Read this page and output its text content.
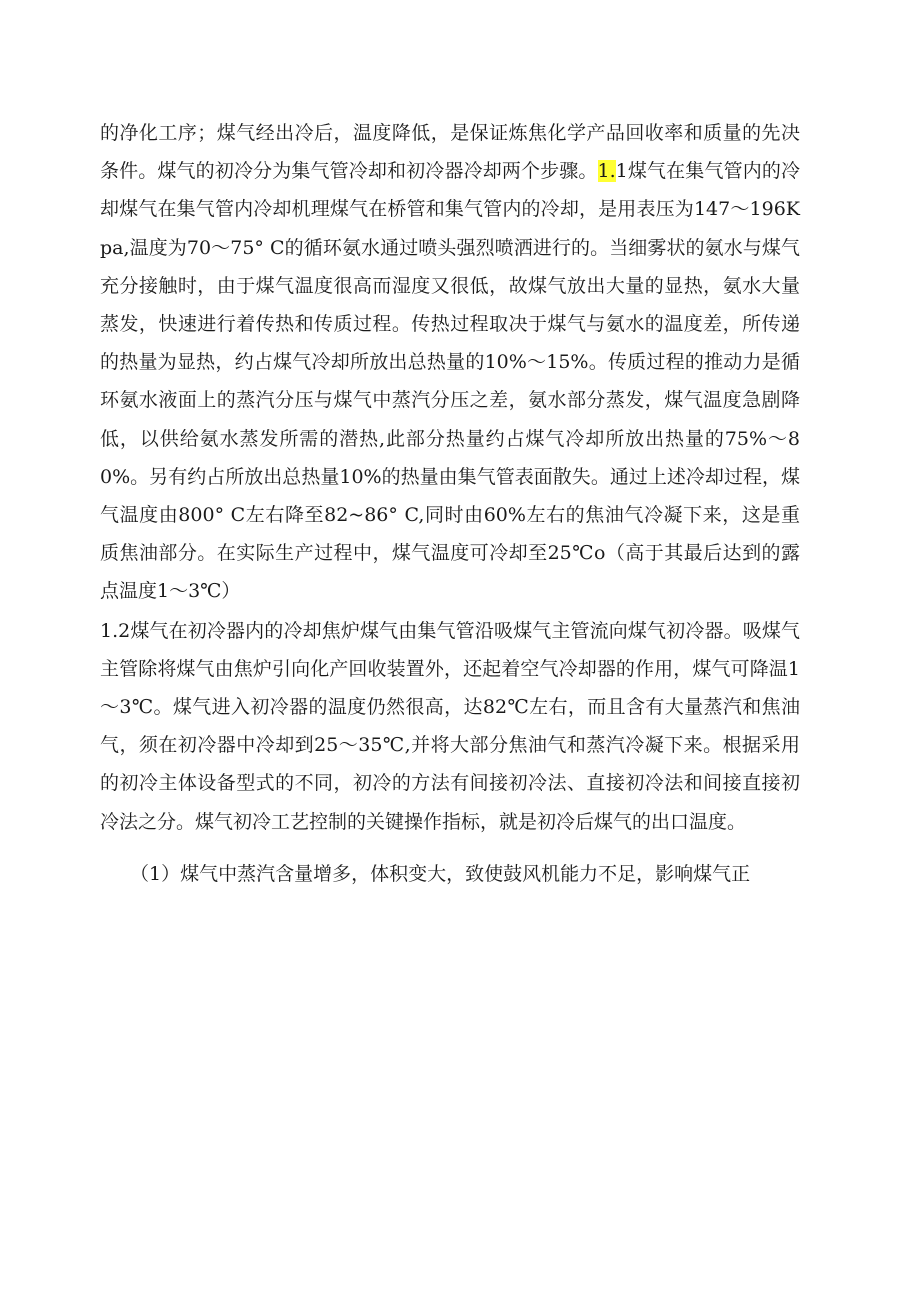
的净化工序；煤气经出冷后，温度降低，是保证炼焦化学产品回收率和质量的先决条件。煤气的初冷分为集气管冷却和初冷器冷却两个步骤。1.1煤气在集气管内的冷却煤气在集气管内冷却机理煤气在桥管和集气管内的冷却，是用表压为147～196Kpa,温度为70～75° C的循环氨水通过喷头强烈喷洒进行的。当细雾状的氨水与煤气充分接触时，由于煤气温度很高而湿度又很低，故煤气放出大量的显热，氨水大量蒸发，快速进行着传热和传质过程。传热过程取决于煤气与氨水的温度差，所传递的热量为显热，约占煤气冷却所放出总热量的10%～15%。传质过程的推动力是循环氨水液面上的蒸汽分压与煤气中蒸汽分压之差，氨水部分蒸发，煤气温度急剧降低，以供给氨水蒸发所需的潜热,此部分热量约占煤气冷却所放出热量的75%～80%。另有约占所放出总热量10%的热量由集气管表面散失。通过上述冷却过程，煤气温度由800° C左右降至82~86° C,同时由60%左右的焦油气冷凝下来，这是重质焦油部分。在实际生产过程中，煤气温度可冷却至25℃o（高于其最后达到的露点温度1～3℃）

1.2煤气在初冷器内的冷却焦炉煤气由集气管沿吸煤气主管流向煤气初冷器。吸煤气主管除将煤气由焦炉引向化产回收装置外，还起着空气冷却器的作用，煤气可降温1～3℃。煤气进入初冷器的温度仍然很高，达82℃左右，而且含有大量蒸汽和焦油气，须在初冷器中冷却到25～35℃,并将大部分焦油气和蒸汽冷凝下来。根据采用的初冷主体设备型式的不同，初冷的方法有间接初冷法、直接初冷法和间接直接初冷法之分。煤气初冷工艺控制的关键操作指标，就是初冷后煤气的出口温度。

（1）煤气中蒸汽含量增多，体积变大，致使鼓风机能力不足，影响煤气正
